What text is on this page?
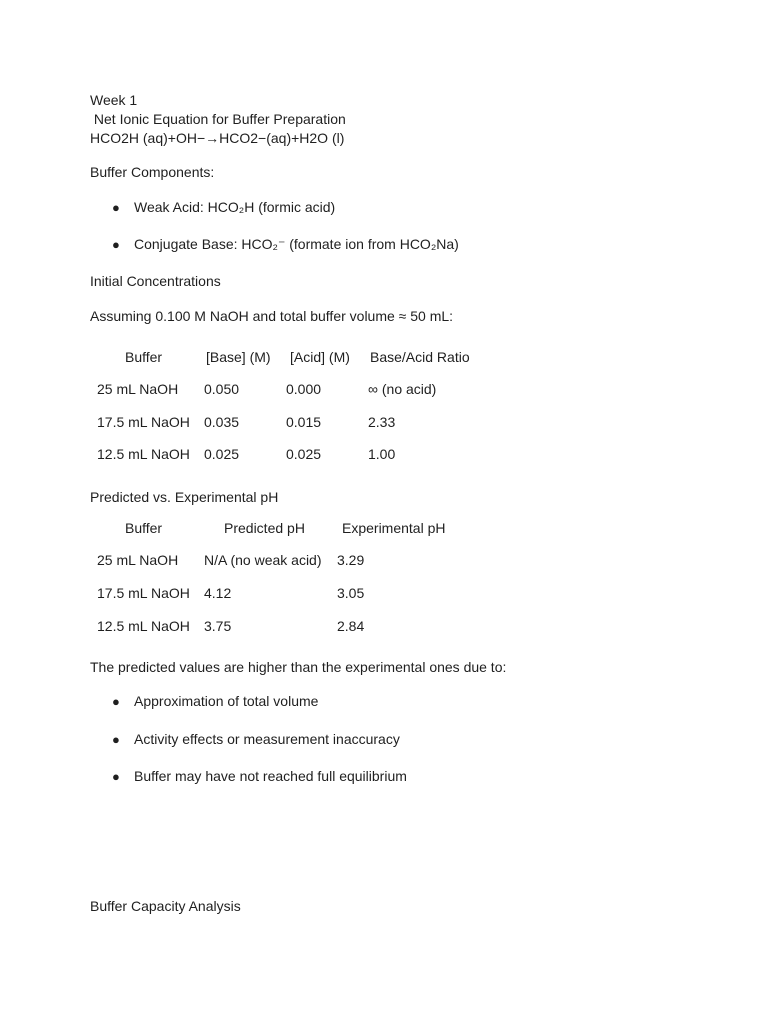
Week 1
Net Ionic Equation for Buffer Preparation
HCO2H (aq)+OH−→HCO2−(aq)+H2O (l)
Buffer Components:
● Weak Acid: HCO₂H (formic acid)
● Conjugate Base: HCO₂⁻ (formate ion from HCO₂Na)
Initial Concentrations
Assuming 0.100 M NaOH and total buffer volume ≈ 50 mL:
Buffer	[Base] (M) [Acid] (M) Base/Acid Ratio
25 mL NaOH 0.050	0.000	∞ (no acid)
17.5 mL NaOH 0.035	0.015	2.33
12.5 mL NaOH 0.025	0.025	1.00
Predicted vs. Experimental pH
Buffer	Predicted pH	Experimental pH
25 mL NaOH N/A (no weak acid) 3.29
17.5 mL NaOH 4.12	3.05
12.5 mL NaOH 3.75	2.84
The predicted values are higher than the experimental ones due to:
● Approximation of total volume
● Activity effects or measurement inaccuracy
● Buffer may have not reached full equilibrium
Buffer Capacity Analysis
